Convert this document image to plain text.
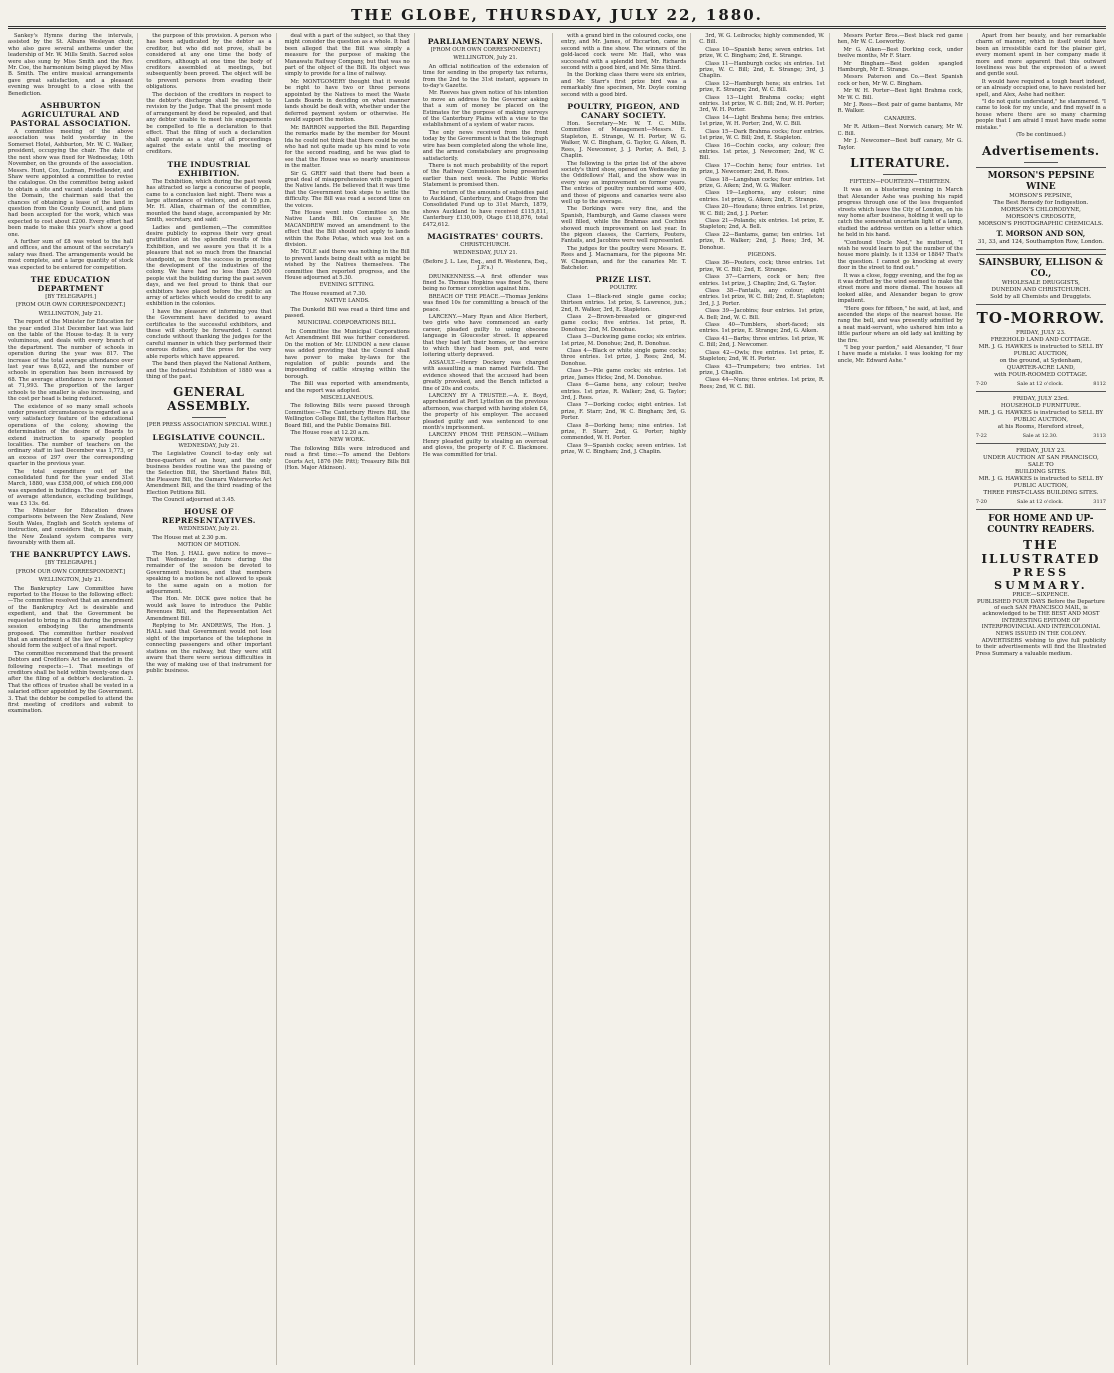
THE GLOBE, THURSDAY, JULY 22, 1880.
Sankey's Hymns during the intervals, assisted by the St. Albans Wesleyan choir, who also gave several anthems under the leadership of Mr. W. Mills Smith. Sacred solos were also sung by Miss Smith and the Rev. Mr. Coe, the harmonium being played by Miss B. Smith. The entire musical arrangements gave great satisfaction, and a pleasant evening was brought to a close with the Benediction.
ASHBURTON AGRICULTURAL AND PASTORAL ASSOCIATION.
A committee meeting of the above association was held yesterday in the Somerset Hotel, Ashburton, Mr. W. C. Walker, president, occupying the chair. The date of the next show was fixed for Wednesday, 10th November, on the grounds of the association. Messrs. Hunt, Cox, Ludman, Friedlander, and Shaw were appointed a committee to revise the catalogue. On the committee being asked to obtain a site and vacant stands located on the Domain, the chairman said that the chances of obtaining a lease of the land in question from the County Council, and plans had been accepted for the work, which was expected to cost about £200. Every effort had been made to make this year's show a good one.
A further sum of £8 was voted to the hall and offices, and the amount of the secretary's salary was fixed. The arrangements would be most complete, and a large quantity of stock was expected to be entered for competition.
THE EDUCATION DEPARTMENT
[BY TELEGRAPH.]
[FROM OUR OWN CORRESPONDENT.]
WELLINGTON, July 21.
The report of the Minister for Education for the year ended 31st December last was laid on the table of the House to-day. It is very voluminous, and deals with every branch of the department. The number of schools in operation during the year was 817. The increase of the total average attendance over last year was 8,022, and the number of schools in operation has been increased by 68. The average attendance is now reckoned at 71,993. The proportion of the larger schools to the smaller is also increasing, and the cost per head is being reduced.
The existence of so many small schools under present circumstances is regarded as a very satisfactory feature of the educational operations of the colony, showing the determination of the desire of Boards to extend instruction to sparsely peopled localities. The number of teachers on the ordinary staff in last December was 1,773, or an excess of 297 over the corresponding quarter in the previous year.
The total expenditure out of the consolidated fund for the year ended 31st March, 1880, was £358,000, of which £66,000 was expended in buildings. The cost per head of average attendance, excluding buildings, was £3 13s. 6d.
The Minister for Education draws comparisons between the New Zealand, New South Wales, English and Scotch systems of instruction, and considers that, in the main, the New Zealand system compares very favourably with them all.
THE BANKRUPTCY LAWS.
[BY TELEGRAPH.]
[FROM OUR OWN CORRESPONDENT.]
WELLINGTON, July 21.
The Bankruptcy Law Committee have reported to the House to the following effect:—The committee resolved that an amendment of the Bankruptcy Act is desirable and expedient, and that the Government be requested to bring in a Bill during the present session embodying the amendments proposed. The committee further resolved that an amendment of the law of bankruptcy should form the subject of a final report.
The committee recommend that the present Debtors and Creditors Act be amended in the following respects:—1. That meetings of creditors shall be held within twenty-one days after the filing of a debtor's declaration. 2. That the offices of trustee shall be vested in a salaried officer appointed by the Government. 3. That the debtor be compelled to attend the first meeting of creditors and submit to examination.
the purpose of this provision. A person who has been adjudicated by the debtor as a creditor, but who did not prove, shall be considered at any one time the body of creditors, although at one time the body of creditors assembled at meetings, but subsequently been proved. The object will be to prevent persons from evading their obligations.
The decision of the creditors in respect to the debtor's discharge shall be subject to revision by the Judge. That the present mode of arrangement by deed be repealed, and that any debtor unable to meet his engagements be compelled to file a declaration to that effect. That the filing of such a declaration shall operate as a stay of all proceedings against the estate until the meeting of creditors.
THE INDUSTRIAL EXHIBITION.
The Exhibition, which during the past week has attracted so large a concourse of people, came to a conclusion last night. There was a large attendance of visitors, and at 10 p.m. Mr. H. Allan, chairman of the committee, mounted the band stage, accompanied by Mr. Smith, secretary, and said:
Ladies and gentlemen,—The committee desire publicly to express their very great gratification at the splendid results of this Exhibition, and we assure you that it is a pleasure that not so much from the financial standpoint, as from the success in promoting the development of the industries of the colony. We have had no less than 25,000 people visit the building during the past seven days, and we feel proud to think that our exhibitors have placed before the public an array of articles which would do credit to any exhibition in the colonies.
I have the pleasure of informing you that the Government have decided to award certificates to the successful exhibitors, and these will shortly be forwarded. I cannot conclude without thanking the judges for the careful manner in which they performed their onerous duties, and the press for the very able reports which have appeared.
The band then played the National Anthem, and the Industrial Exhibition of 1880 was a thing of the past.
GENERAL ASSEMBLY.
[PER PRESS ASSOCIATION SPECIAL WIRE.]
LEGISLATIVE COUNCIL.
WEDNESDAY, July 21.
The Legislative Council to-day only sat three-quarters of an hour, and the only business besides routine was the passing of the Selection Bill, the Shortland Rates Bill, the Pleasure Bill, the Oamaru Waterworks Act Amendment Bill, and the third reading of the Election Petitions Bill.
The Council adjourned at 3.45.
HOUSE OF REPRESENTATIVES.
WEDNESDAY, July 21.
The House met at 2.30 p.m.
MOTION OF MOTION.
The Hon. J. HALL gave notice to move—That Wednesday in future during the remainder of the session be devoted to Government business, and that members speaking to a motion be not allowed to speak to the same again on a motion for adjournment.
The Hon. Mr. DICK gave notice that he would ask leave to introduce the Public Revenues Bill, and the Representation Act Amendment Bill.
Replying to Mr. ANDREWS, The Hon. J. HALL said that Government would not lose sight of the importance of the telephone in connecting passengers and other important stations on the railway, but they were still aware that there were serious difficulties in the way of making use of that instrument for public business.
deal with a part of the subject, so that they might consider the question as a whole. It had been alleged that the Bill was simply a measure for the purpose of making the Manawatu Railway Company, but that was no part of the object of the Bill. Its object was simply to provide for a line of railway.
Mr. MONTGOMERY thought that it would be right to have two or three persons appointed by the Natives to meet the Waste Lands Boards in deciding on what manner lands should be dealt with, whether under the deferred payment system or otherwise. He would support the motion.
Mr. BARRON supported the Bill. Regarding the remarks made by the member for Mount Ida he could not think that there could be one who had not quite made up his mind to vote for the second reading, and he was glad to see that the House was so nearly unanimous in the matter.
Sir G. GREY said that there had been a great deal of misapprehension with regard to the Native lands. He believed that it was time that the Government took steps to settle the difficulty. The Bill was read a second time on the voices.
The House went into Committee on the Native Lands Bill. On clause 3, Mr. MACANDREW moved an amendment to the effect that the Bill should not apply to lands within the Rohe Potae, which was lost on a division.
Mr. TOLE said there was nothing in the Bill to prevent lands being dealt with as might be wished by the Natives themselves. The committee then reported progress, and the House adjourned at 5.30.
EVENING SITTING.
The House resumed at 7.30.
NATIVE LANDS.
The Dunkeld Bill was read a third time and passed.
MUNICIPAL CORPORATIONS BILL.
In Committee the Municipal Corporations Act Amendment Bill was further considered. On the motion of Mr. LUNDON a new clause was added providing that the Council shall have power to make by-laws for the regulation of public pounds and the impounding of cattle straying within the borough.
The Bill was reported with amendments, and the report was adopted.
MISCELLANEOUS.
The following Bills were passed through Committee:—The Canterbury Rivers Bill, the Wellington College Bill, the Lyttelton Harbour Board Bill, and the Public Domains Bill.
The House rose at 12.20 a.m.
NEW WORK.
The following Bills were introduced and read a first time:—To amend the Debtors Courts Act, 1876 (Mr. Pitt); Treasury Bills Bill (Hon. Major Atkinson).
PARLIAMENTARY NEWS.
[FROM OUR OWN CORRESPONDENT.]
WELLINGTON, July 21.
An official notification of the extension of time for sending in the property tax returns, from the 2nd to the 31st instant, appears in to-day's Gazette.
Mr. Reeves has given notice of his intention to move an address to the Governor asking that a sum of money be placed on the Estimates for the purpose of making surveys of the Canterbury Plains with a view to the establishment of a system of water races.
The only news received from the front today by the Government is that the telegraph wire has been completed along the whole line, and the armed constabulary are progressing satisfactorily.
There is not much probability of the report of the Railway Commission being presented earlier than next week. The Public Works Statement is promised then.
The return of the amounts of subsidies paid to Auckland, Canterbury, and Otago from the Consolidated Fund up to 31st March, 1879, shows Auckland to have received £115,811, Canterbury £130,009, Otago £118,876, total £472,612.
MAGISTRATES' COURTS.
CHRISTCHURCH.
WEDNESDAY, JULY 21.
(Before J. L. Lee, Esq., and R. Westenra, Esq., J.P.'s.)
DRUNKENNESS.—A first offender was fined 5s. Thomas Hopkins was fined 5s, there being no former conviction against him.
BREACH OF THE PEACE.—Thomas Jenkins was fined 10s for committing a breach of the peace.
LARCENY.—Mary Ryan and Alice Herbert, two girls who have commenced an early career, pleaded guilty to using obscene language in Gloucester street. It appeared that they had left their homes, or the service to which they had been put, and were loitering utterly depraved.
ASSAULT.—Henry Dockery was charged with assaulting a man named Fairfield. The evidence showed that the accused had been greatly provoked, and the Bench inflicted a fine of 20s and costs.
LARCENY BY A TRUSTEE.—A. E. Boyd, apprehended at Port Lyttelton on the previous afternoon, was charged with having stolen £4, the property of his employer. The accused pleaded guilty and was sentenced to one month's imprisonment.
LARCENY FROM THE PERSON.—William Henry pleaded guilty to stealing an overcoat and gloves, the property of F. C. Blackmore. He was committed for trial.
with a grand bird in the coloured cocks, one entry, and Mr. James, of Riccarton, came in second with a fine show. The winners of the gold-laced cock were Mr. Hall, who was successful with a splendid bird, Mr. Richards second with a good bird, and Mr. Sims third.
In the Dorking class there were six entries, and Mr. Starr's first prize bird was a remarkably fine specimen, Mr. Doyle coming second with a good bird.
POULTRY, PIGEON, AND CANARY SOCIETY.
Hon. Secretary—Mr. W. T. C. Mills. Committee of Management—Messrs. E. Stapleton, E. Strange, W. H. Porter, W. G. Walker, W. C. Bingham, G. Taylor, G. Aiken, R. Rees, J. Newcomer, J. J. Porter, A. Bell, J. Chaplin.
The following is the prize list of the above society's third show, opened on Wednesday in the Oddfellows' Hall, and the show was in every way an improvement on former years. The entries of poultry numbered some 400, and those of pigeons and canaries were also well up to the average.
The Dorkings were very fine, and the Spanish, Hamburgh, and Game classes were well filled, while the Brahmas and Cochins showed much improvement on last year. In the pigeon classes, the Carriers, Pouters, Fantails, and Jacobins were well represented.
The judges for the poultry were Messrs. E. Rees and J. Macnamara, for the pigeons Mr. W. Chapman, and for the canaries Mr. T. Batchelor.
PRIZE LIST.
POULTRY.
Class 1—Black-red single game cocks; thirteen entries. 1st prize, S. Lawrence, jun.; 2nd, R. Walker, 3rd, E. Stapleton.
Class 2—Brown-breasted or ginger-red game cocks; five entries. 1st prize, R. Donohue; 2nd, M. Donohue.
Class 3—Duckwing game cocks; six entries. 1st prize, M. Donohue; 2nd, R. Donohue.
Class 4—Black or white single game cocks; three entries. 1st prize, J. Rees; 2nd, M. Donohue.
Class 5—Pile game cocks; six entries. 1st prize, James Hicks; 2nd, M. Donohue.
Class 6—Game hens, any colour; twelve entries. 1st prize, R. Walker; 2nd, G. Taylor; 3rd, J. Rees.
Class 7—Dorking cocks; eight entries. 1st prize, F. Starr; 2nd, W. C. Bingham; 3rd, G. Porter.
Class 8—Dorking hens; nine entries. 1st prize, F. Starr; 2nd, G. Porter; highly commended, W. H. Porter.
Class 9—Spanish cocks; seven entries. 1st prize, W. C. Bingham; 2nd, J. Chaplin.
3rd, W. G. Leibrocks; highly commended, W. C. Bill.
Class 10—Spanish hens; seven entries. 1st prize, W. C. Bingham; 2nd, E. Strange.
Class 11—Hamburgh cocks; six entries. 1st prize, W. C. Bill; 2nd, E. Strange; 3rd, J. Chaplin.
Class 12—Hamburgh hens; six entries. 1st prize, E. Strange; 2nd, W. C. Bill.
Class 13—Light Brahma cocks; eight entries. 1st prize, W. C. Bill; 2nd, W. H. Porter; 3rd, W. H. Porter.
Class 14—Light Brahma hens; five entries. 1st prize, W. H. Porter; 2nd, W. C. Bill.
Class 15—Dark Brahma cocks; four entries. 1st prize, W. C. Bill; 2nd, E. Stapleton.
Class 16—Cochin cocks, any colour; five entries. 1st prize, J. Newcomer; 2nd, W. C. Bill.
Class 17—Cochin hens; four entries. 1st prize, J. Newcomer; 2nd, R. Rees.
Class 18—Langshan cocks; four entries. 1st prize, G. Aiken; 2nd, W. G. Walker.
Class 19—Leghorns, any colour; nine entries. 1st prize, G. Aiken; 2nd, E. Strange.
Class 20—Houdans; three entries. 1st prize, W. C. Bill; 2nd, J. J. Porter.
Class 21—Polands; six entries. 1st prize, E. Stapleton; 2nd, A. Bell.
Class 22—Bantams, game; ten entries. 1st prize, R. Walker; 2nd, J. Rees; 3rd, M. Donohue.
PIGEONS.
Class 36—Pouters, cock; three entries. 1st prize, W. C. Bill; 2nd, E. Strange.
Class 37—Carriers, cock or hen; five entries. 1st prize, J. Chaplin; 2nd, G. Taylor.
Class 38—Fantails, any colour; eight entries. 1st prize, W. C. Bill; 2nd, E. Stapleton; 3rd, J. J. Porter.
Class 39—Jacobins; four entries. 1st prize, A. Bell; 2nd, W. C. Bill.
Class 40—Tumblers, short-faced; six entries. 1st prize, E. Strange; 2nd, G. Aiken.
Class 41—Barbs; three entries. 1st prize, W. C. Bill; 2nd, J. Newcomer.
Class 42—Owls; five entries. 1st prize, E. Stapleton; 2nd, W. H. Porter.
Class 43—Trumpeters; two entries. 1st prize, J. Chaplin.
Class 44—Nuns; three entries. 1st prize, R. Rees; 2nd, W. C. Bill.
Messrs Porter Bros.—Best black red game hen, Mr W. C. Leeworthy.
Mr G. Aiken—Best Dorking cock, under twelve months, Mr F. Starr.
Mr Bingham—Best golden spangled Hamburgh, Mr E. Strange.
Messrs Paterson and Co.—Best Spanish cock or hen, Mr W. C. Bingham.
Mr W. H. Porter—Best light Brahma cock, Mr W. C. Bill.
Mr J. Rees—Best pair of game bantams, Mr R. Walker.
CANARIES.
Mr R. Aitken—Best Norwich canary, Mr W. C. Bill.
Mr J. Newcomer—Best buff canary, Mr G. Taylor.
LITERATURE.
FIFTEEN—FOURTEEN—THIRTEEN.
It was on a blustering evening in March that Alexander Ashe was pushing his rapid progress through one of the less frequented streets which leave the City of London, on his way home after business, holding it well up to catch the somewhat uncertain light of a lamp, studied the address written on a letter which he held in his hand.
"Confound Uncle Ned," he muttered, "I wish he would learn to put the number of the house more plainly. Is it 1334 or 1884? That's the question. I cannot go knocking at every door in the street to find out."
It was a close, foggy evening, and the fog as it was drifted by the wind seemed to make the street more and more dismal. The houses all looked alike, and Alexander began to grow impatient.
"Here goes for fifteen," he said, at last, and ascended the steps of the nearest house. He rang the bell, and was presently admitted by a neat maid-servant, who ushered him into a little parlour where an old lady sat knitting by the fire.
"I beg your pardon," said Alexander, "I fear I have made a mistake. I was looking for my uncle, Mr. Edward Ashe."
Apart from her beauty, and her remarkable charm of manner, which in itself would have been an irresistible card for the plainer girl, every moment spent in her company made it more and more apparent that this outward loveliness was but the expression of a sweet and gentle soul.
It would have required a tough heart indeed, or an already occupied one, to have resisted her spell, and Alex, Ashe had neither.
"I do not quite understand," he stammered. "I came to look for my uncle, and find myself in a house where there are so many charming people that I am afraid I must have made some mistake."
(To be continued.)
Advertisements.
MORSON'S PEPSINE WINE
MORSON'S PEPSINE,
The Best Remedy for Indigestion.
MORSON'S CHLORODYNE,
MORSON'S CREOSOTE,
MORSON'S PHOTOGRAPHIC CHEMICALS.
T. MORSON AND SON,
31, 33, and 124, Southampton Row, London.
SAINSBURY, ELLISON & CO.,
WHOLESALE DRUGGISTS,
DUNEDIN AND CHRISTCHURCH.
Sold by all Chemists and Druggists.
TO-MORROW.
FRIDAY, JULY 23.
FREEHOLD LAND AND COTTAGE.
MR. J. G. HAWKES is instructed to SELL BY PUBLIC AUCTION,
on the ground, at Sydenham,
QUARTER-ACRE LAND,
with FOUR-ROOMED COTTAGE.
7-20	Sale at 12 o'clock.	8112
FRIDAY, JULY 23rd.
HOUSEHOLD FURNITURE.
MR. J. G. HAWKES is instructed to SELL BY PUBLIC AUCTION,
at his Rooms, Hereford street,
7-22	Sale at 12.30.	3113
FRIDAY, JULY 23.
UNDER AUCTION AT SAN FRANCISCO, SALE TO
BUILDING SITES.
MR. J. G. HAWKES is instructed to SELL BY PUBLIC AUCTION,
THREE FIRST-CLASS BUILDING SITES.
7-20	Sale at 12 o'clock.	3117
FOR HOME AND UP-COUNTRY READERS.
THE ILLUSTRATED
PRESS SUMMARY.
PRICE—SIXPENCE.
PUBLISHED FOUR DAYS Before the Departure of each SAN FRANCISCO MAIL, is acknowledged to be THE BEST AND MOST INTERESTING EPITOME OF INTERPROVINCIAL AND INTERCOLONIAL NEWS ISSUED IN THE COLONY.
ADVERTISERS wishing to give full publicity to their advertisements will find the Illustrated Press Summary a valuable medium.
